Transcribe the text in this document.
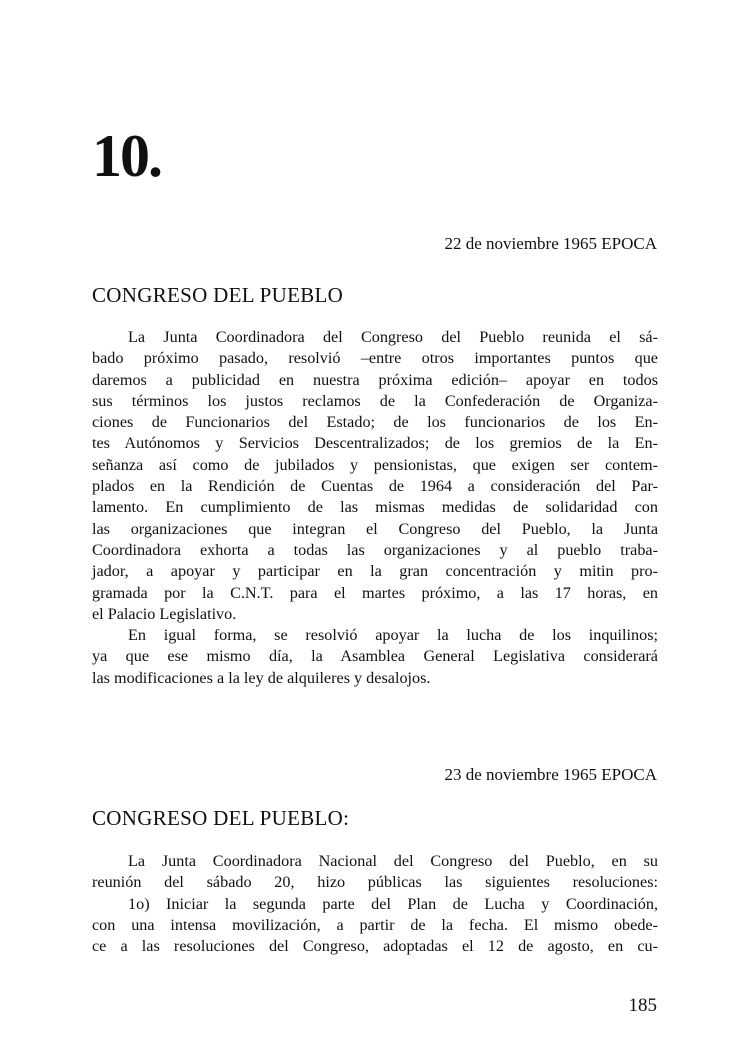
10.
22 de noviembre 1965 EPOCA
CONGRESO DEL PUEBLO

La Junta Coordinadora del Congreso del Pueblo reunida el sá-

bado próximo pasado, resolvió –entre otros importantes puntos que

daremos a publicidad en nuestra próxima edición– apoyar en todos

sus términos los justos reclamos de la Confederación de Organiza-

ciones de Funcionarios del Estado; de los funcionarios de los En-

tes Autónomos y Servicios Descentralizados; de los gremios de la En-

señanza así como de jubilados y pensionistas, que exigen ser contem-

plados en la Rendición de Cuentas de 1964 a consideración del Par-

lamento. En cumplimiento de las mismas medidas de solidaridad con

las organizaciones que integran el Congreso del Pueblo, la Junta

Coordinadora exhorta a todas las organizaciones y al pueblo traba-

jador, a apoyar y participar en la gran concentración y mitin pro-

gramada por la C.N.T. para el martes próximo, a las 17 horas, en

el Palacio Legislativo.

En igual forma, se resolvió apoyar la lucha de los inquilinos;

ya que ese mismo día, la Asamblea General Legislativa considerará

las modificaciones a la ley de alquileres y desalojos.

23 de noviembre 1965 EPOCA
CONGRESO DEL PUEBLO:

La Junta Coordinadora Nacional del Congreso del Pueblo, en su

reunión del sábado 20, hizo públicas las siguientes resoluciones:

1o) Iniciar la segunda parte del Plan de Lucha y Coordinación,

con una intensa movilización, a partir de la fecha. El mismo obede-

ce a las resoluciones del Congreso, adoptadas el 12 de agosto, en cu-

185
